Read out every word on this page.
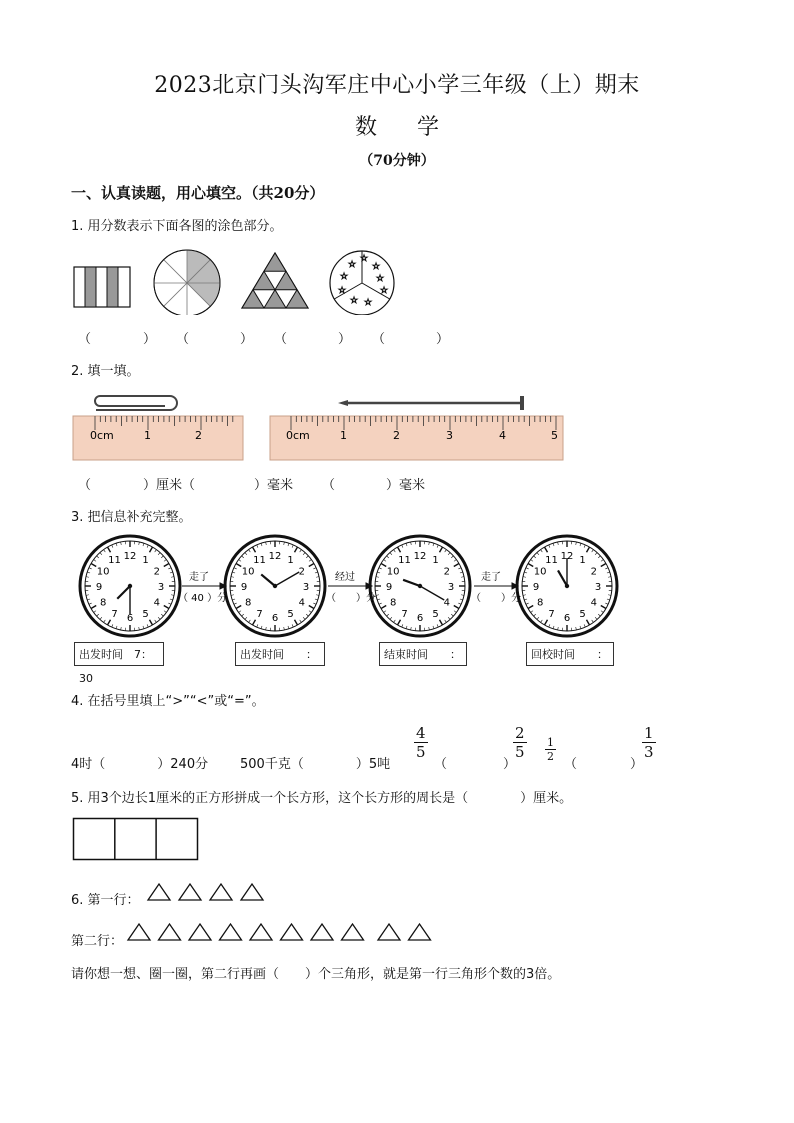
2023北京门头沟军庄中心小学三年级（上）期末
数 学
（70分钟）
一、认真读题，用心填空。（共20分）
1. 用分数表示下面各图的涂色部分。
☆
☆
☆
☆	☆
☆
☆
☆ ☆
（	） （	） （	） （	）
2. 填一填。
0cm	1	2	0cm	1	2	3	4	5
（	）厘米（	）毫米 （	）毫米
3. 把信息补充完整。
12 1
2
3
4
5
6
7
8
9
10
11	12 1
2
3
4
5
6
7
8
9
10
11	12 1
2
3
4
5
6
7
8
9
10
11	12 1
2
3
4
5
6
7
8
9
10
11
走了
（ 40 ）分
经过
（　　）分
走了
（　　）分
出发时间　7：30
出发时间　　：	结束时间　　：	回校时间　　：
4. 在括号里填上“>”“<”或“=”。
4时（　　　　）240分 500千克（　　　　）5吨
$\frac{4}{5}$
（	）
$\frac{2}{5} \frac{1}{2}$
（	）
$\frac{1}{3}$
5. 用3个边长1厘米的正方形拼成一个长方形，这个长方形的周长是（　　　　）厘米。
6. 第一行：
第二行：
请你想一想、圈一圈，第二行再画（　　）个三角形，就是第一行三角形个数的3倍。
